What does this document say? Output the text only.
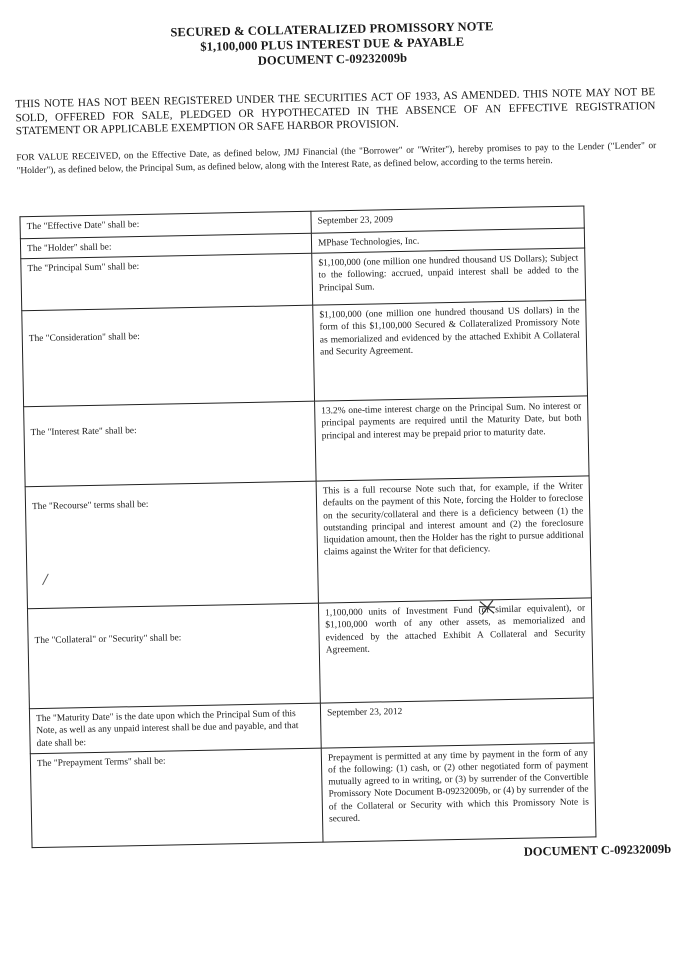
SECURED & COLLATERALIZED PROMISSORY NOTE
$1,100,000 PLUS INTEREST DUE & PAYABLE
DOCUMENT C-09232009b
THIS NOTE HAS NOT BEEN REGISTERED UNDER THE SECURITIES ACT OF 1933, AS AMENDED. THIS NOTE MAY NOT BE SOLD, OFFERED FOR SALE, PLEDGED OR HYPOTHECATED IN THE ABSENCE OF AN EFFECTIVE REGISTRATION STATEMENT OR APPLICABLE EXEMPTION OR SAFE HARBOR PROVISION.
FOR VALUE RECEIVED, on the Effective Date, as defined below, JMJ Financial (the "Borrower" or "Writer"), hereby promises to pay to the Lender ("Lender" or "Holder"), as defined below, the Principal Sum, as defined below, along with the Interest Rate, as defined below, according to the terms herein.
The "Effective Date" shall be:	September 23, 2009
The "Holder" shall be:	MPhase Technologies, Inc.
The "Principal Sum" shall be:	$1,100,000 (one million one hundred thousand US Dollars); Subject to the following: accrued, unpaid interest shall be added to the Principal Sum.
The "Consideration" shall be:	$1,100,000 (one million one hundred thousand US dollars) in the form of this $1,100,000 Secured & Collateralized Promissory Note as memorialized and evidenced by the attached Exhibit A Collateral and Security Agreement.
The "Interest Rate" shall be:	13.2% one-time interest charge on the Principal Sum. No interest or principal payments are required until the Maturity Date, but both principal and interest may be prepaid prior to maturity date.
The "Recourse" terms shall be:	This is a full recourse Note such that, for example, if the Writer defaults on the payment of this Note, forcing the Holder to foreclose on the security/collateral and there is a deficiency between (1) the outstanding principal and interest amount and (2) the foreclosure liquidation amount, then the Holder has the right to pursue additional claims against the Writer for that deficiency.
The "Collateral" or "Security" shall be:	1,100,000 units of Investment Fund (or similar equivalent), or $1,100,000 worth of any other assets, as memorialized and evidenced by the attached Exhibit A Collateral and Security Agreement.
The "Maturity Date" is the date upon which the Principal Sum of this Note, as well as any unpaid interest shall be due and payable, and that date shall be:	September 23, 2012
The "Prepayment Terms" shall be:	Prepayment is permitted at any time by payment in the form of any of the following: (1) cash, or (2) other negotiated form of payment mutually agreed to in writing, or (3) by surrender of the Convertible Promissory Note Document B-09232009b, or (4) by surrender of the of the Collateral or Security with which this Promissory Note is secured.
DOCUMENT C-09232009b
